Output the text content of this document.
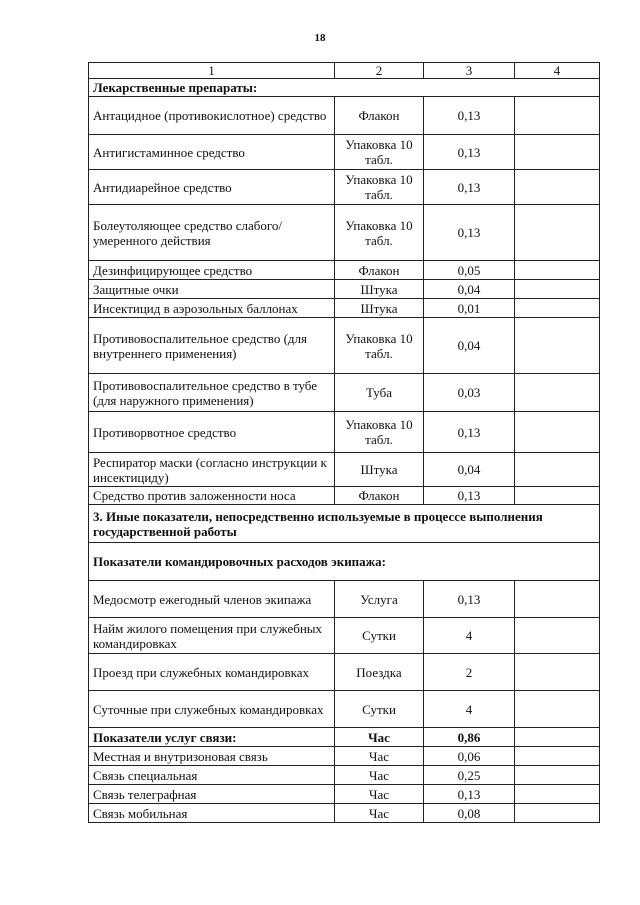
18
1	2	3	4
Лекарственные препараты:			
Антацидное (противокислотное) средство	Флакон	0,13	
Антигистаминное средство	Упаковка 10 табл.	0,13	
Антидиарейное средство	Упаковка 10 табл.	0,13	
Болеутоляющее средство слабого/умеренного действия	Упаковка 10 табл.	0,13	
Дезинфицирующее средство	Флакон	0,05	
Защитные очки	Штука	0,04	
Инсектицид в аэрозольных баллонах	Штука	0,01	
Противовоспалительное средство (для внутреннего применения)	Упаковка 10 табл.	0,04	
Противовоспалительное средство в тубе (для наружного применения)	Туба	0,03	
Противорвотное средство	Упаковка 10 табл.	0,13	
Респиратор маски (согласно инструкции к инсектициду)	Штука	0,04	
Средство против заложенности носа	Флакон	0,13	
3. Иные показатели, непосредственно используемые в процессе выполнения государственной работы			
Показатели командировочных расходов экипажа:			
Медосмотр ежегодный членов экипажа	Услуга	0,13	
Найм жилого помещения при служебных командировках	Сутки	4	
Проезд при служебных командировках	Поездка	2	
Суточные при служебных командировках	Сутки	4	
Показатели услуг связи:	Час	0,86	
Местная и внутризоновая связь	Час	0,06	
Связь специальная	Час	0,25	
Связь телеграфная	Час	0,13	
Связь мобильная	Час	0,08	
